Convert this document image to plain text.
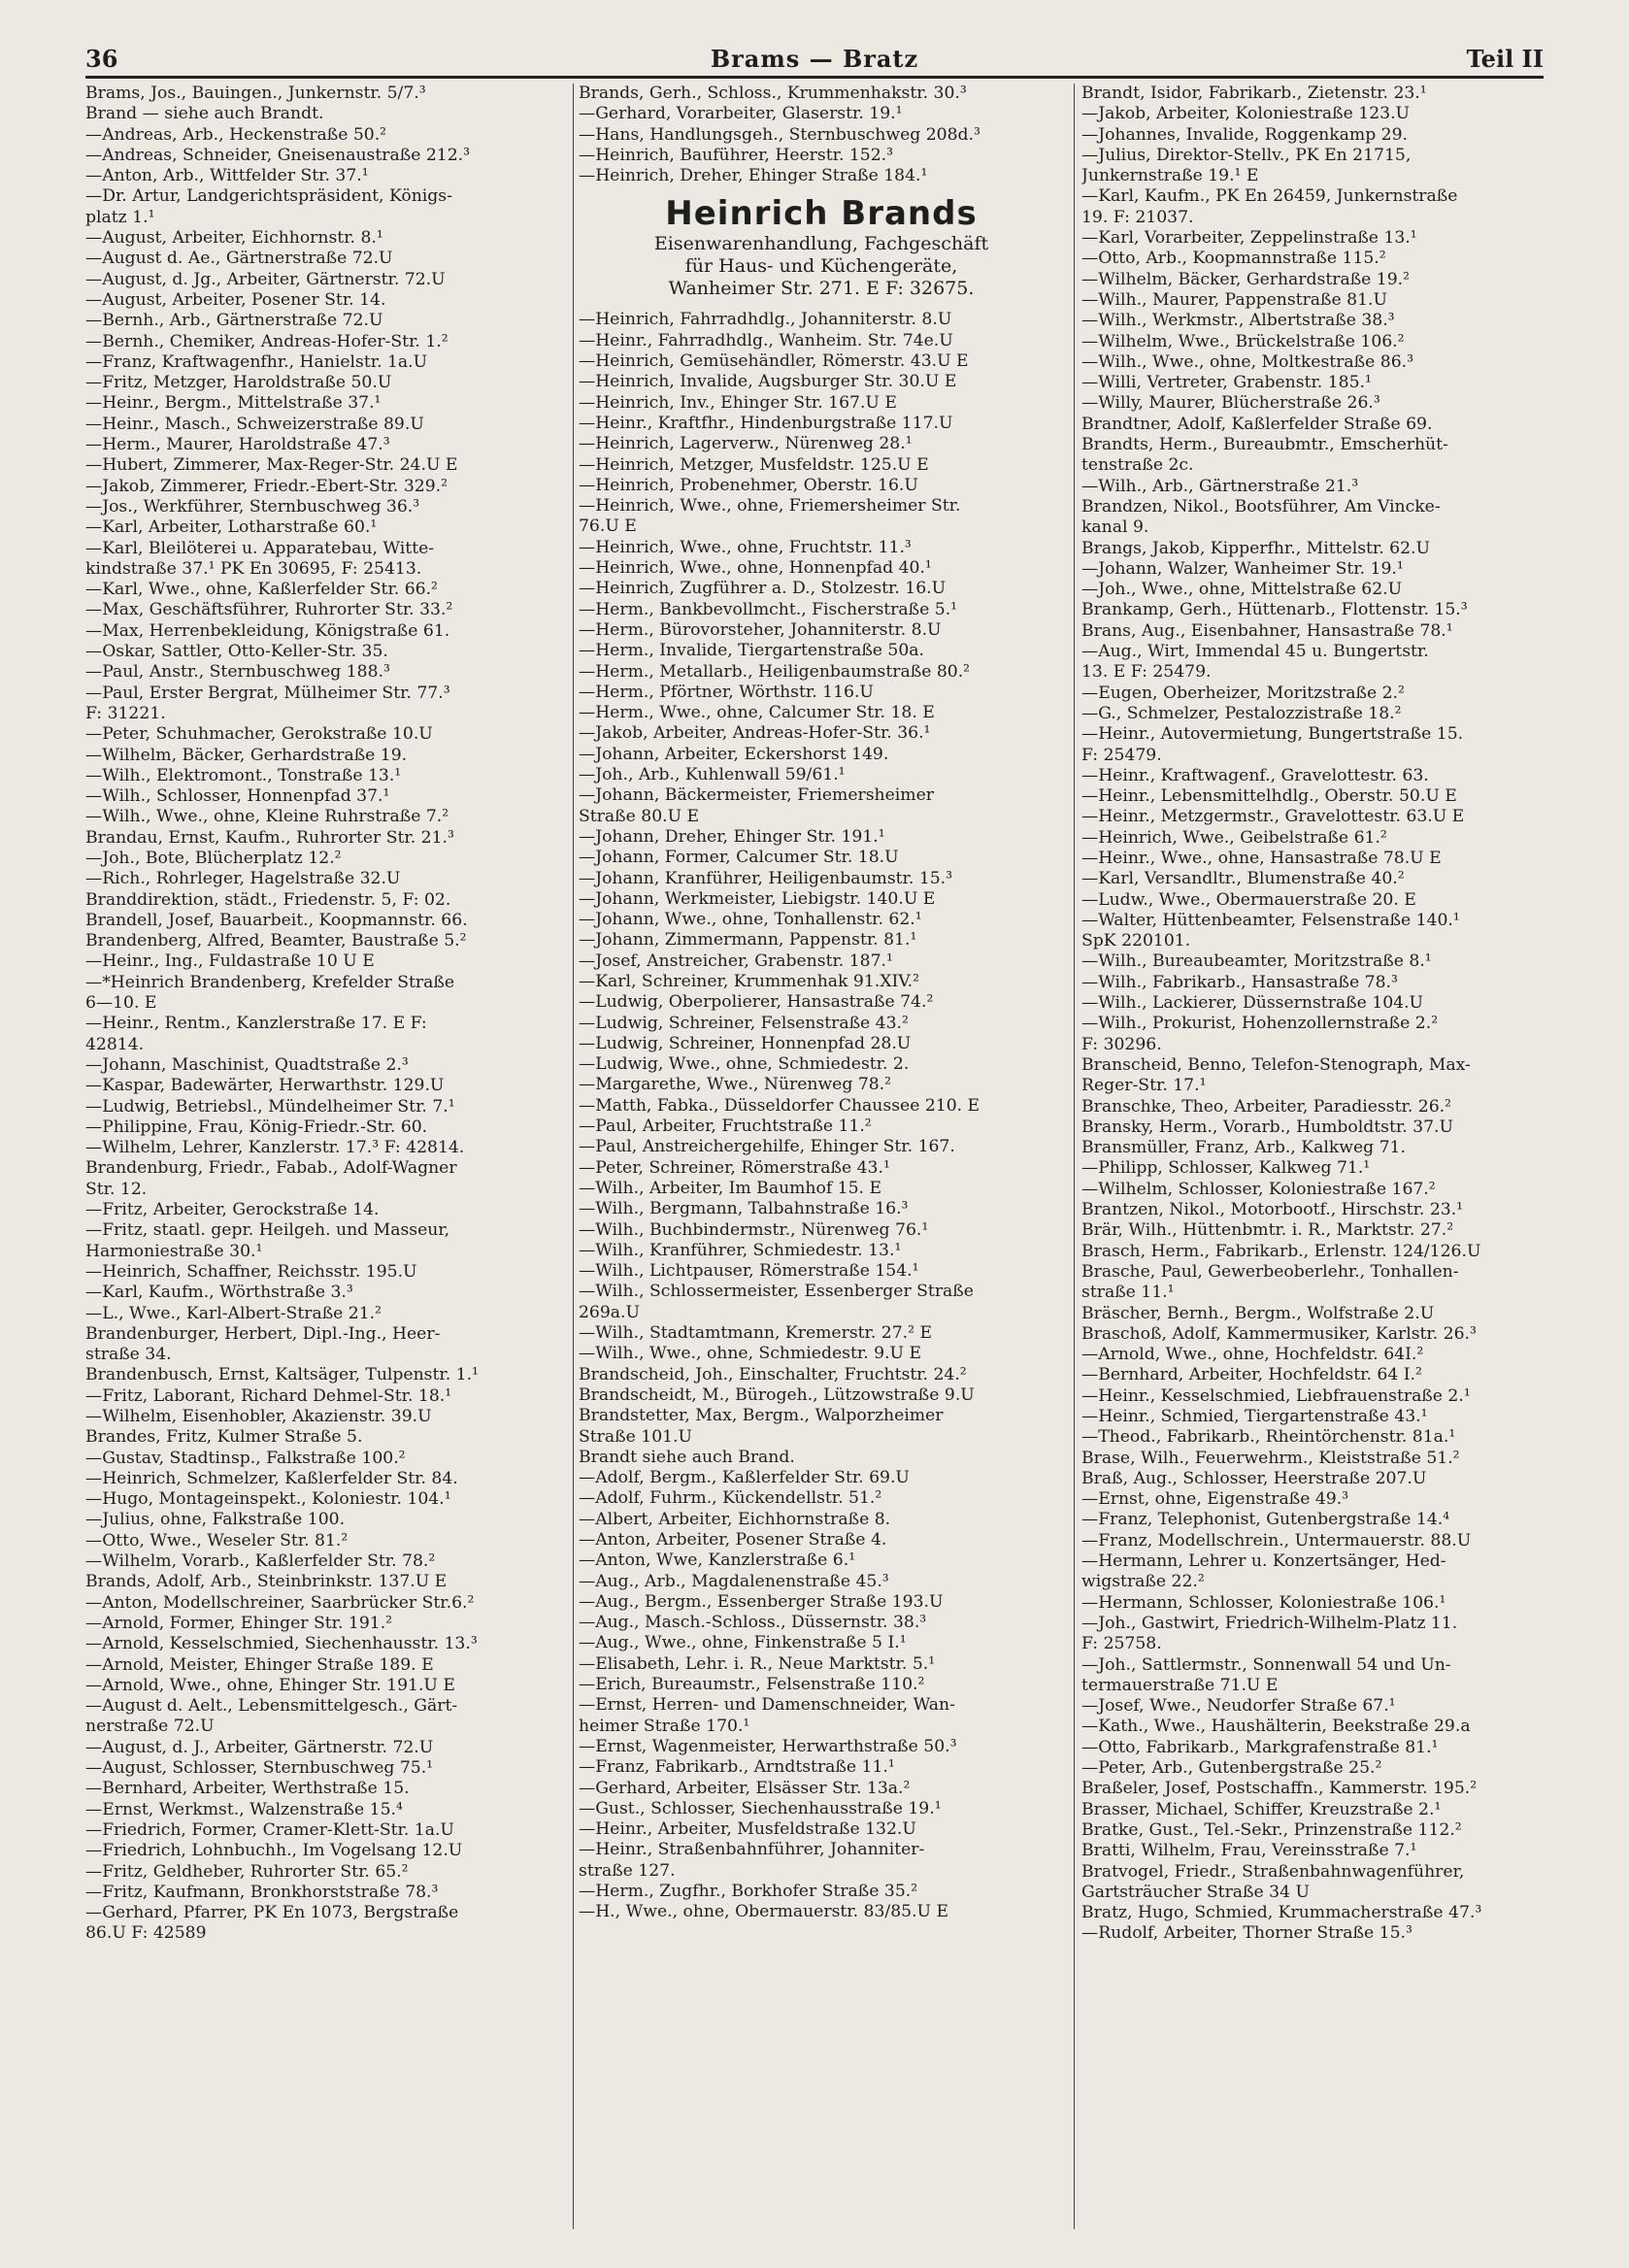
36	Brams — Bratz	Teil II
Brams, Jos., Bauingen., Junkernstr. 5/7.³
Brand — siehe auch Brandt.
—Andreas, Arb., Heckenstraße 50.²
—Andreas, Schneider, Gneisenaustraße 212.³
—Anton, Arb., Wittfelder Str. 37.¹
—Dr. Artur, Landgerichtspräsident, Königs-
platz 1.¹
—August, Arbeiter, Eichhornstr. 8.¹
—August d. Ae., Gärtnerstraße 72.U
—August, d. Jg., Arbeiter, Gärtnerstr. 72.U
—August, Arbeiter, Posener Str. 14.
—Bernh., Arb., Gärtnerstraße 72.U
—Bernh., Chemiker, Andreas-Hofer-Str. 1.²
—Franz, Kraftwagenfhr., Hanielstr. 1a.U
—Fritz, Metzger, Haroldstraße 50.U
—Heinr., Bergm., Mittelstraße 37.¹
—Heinr., Masch., Schweizerstraße 89.U
—Herm., Maurer, Haroldstraße 47.³
—Hubert, Zimmerer, Max-Reger-Str. 24.U E
—Jakob, Zimmerer, Friedr.-Ebert-Str. 329.²
—Jos., Werkführer, Sternbuschweg 36.³
—Karl, Arbeiter, Lotharstraße 60.¹
—Karl, Bleilöterei u. Apparatebau, Witte-
kindstraße 37.¹ PK En 30695, F: 25413.
—Karl, Wwe., ohne, Kaßlerfelder Str. 66.²
—Max, Geschäftsführer, Ruhrorter Str. 33.²
—Max, Herrenbekleidung, Königstraße 61.
—Oskar, Sattler, Otto-Keller-Str. 35.
—Paul, Anstr., Sternbuschweg 188.³
—Paul, Erster Bergrat, Mülheimer Str. 77.³
F: 31221.
—Peter, Schuhmacher, Gerokstraße 10.U
—Wilhelm, Bäcker, Gerhardstraße 19.
—Wilh., Elektromont., Tonstraße 13.¹
—Wilh., Schlosser, Honnenpfad 37.¹
—Wilh., Wwe., ohne, Kleine Ruhrstraße 7.²
Brandau, Ernst, Kaufm., Ruhrorter Str. 21.³
—Joh., Bote, Blücherplatz 12.²
—Rich., Rohrleger, Hagelstraße 32.U
Branddirektion, städt., Friedenstr. 5, F: 02.
Brandell, Josef, Bauarbeit., Koopmannstr. 66.
Brandenberg, Alfred, Beamter, Baustraße 5.²
—Heinr., Ing., Fuldastraße 10 U E
—*Heinrich Brandenberg, Krefelder Straße
6—10. E
—Heinr., Rentm., Kanzlerstraße 17. E F:
42814.
—Johann, Maschinist, Quadtstraße 2.³
—Kaspar, Badewärter, Herwarthstr. 129.U
—Ludwig, Betriebsl., Mündelheimer Str. 7.¹
—Philippine, Frau, König-Friedr.-Str. 60.
—Wilhelm, Lehrer, Kanzlerstr. 17.³ F: 42814.
Brandenburg, Friedr., Fabab., Adolf-Wagner
Str. 12.
—Fritz, Arbeiter, Gerockstraße 14.
—Fritz, staatl. gepr. Heilgeh. und Masseur,
Harmoniestraße 30.¹
—Heinrich, Schaffner, Reichsstr. 195.U
—Karl, Kaufm., Wörthstraße 3.³
—L., Wwe., Karl-Albert-Straße 21.²
Brandenburger, Herbert, Dipl.-Ing., Heer-
straße 34.
Brandenbusch, Ernst, Kaltsäger, Tulpenstr. 1.¹
—Fritz, Laborant, Richard Dehmel-Str. 18.¹
—Wilhelm, Eisenhobler, Akazienstr. 39.U
Brandes, Fritz, Kulmer Straße 5.
—Gustav, Stadtinsp., Falkstraße 100.²
—Heinrich, Schmelzer, Kaßlerfelder Str. 84.
—Hugo, Montageinspekt., Koloniestr. 104.¹
—Julius, ohne, Falkstraße 100.
—Otto, Wwe., Weseler Str. 81.²
—Wilhelm, Vorarb., Kaßlerfelder Str. 78.²
Brands, Adolf, Arb., Steinbrinkstr. 137.U E
—Anton, Modellschreiner, Saarbrücker Str.6.²
—Arnold, Former, Ehinger Str. 191.²
—Arnold, Kesselschmied, Siechenhausstr. 13.³
—Arnold, Meister, Ehinger Straße 189. E
—Arnold, Wwe., ohne, Ehinger Str. 191.U E
—August d. Aelt., Lebensmittelgesch., Gärt-
nerstraße 72.U
—August, d. J., Arbeiter, Gärtnerstr. 72.U
—August, Schlosser, Sternbuschweg 75.¹
—Bernhard, Arbeiter, Werthstraße 15.
—Ernst, Werkmst., Walzenstraße 15.⁴
—Friedrich, Former, Cramer-Klett-Str. 1a.U
—Friedrich, Lohnbuchh., Im Vogelsang 12.U
—Fritz, Geldheber, Ruhrorter Str. 65.²
—Fritz, Kaufmann, Bronkhorststraße 78.³
—Gerhard, Pfarrer, PK En 1073, Bergstraße
86.U F: 42589
Brands, Gerh., Schloss., Krummenhakstr. 30.³
—Gerhard, Vorarbeiter, Glaserstr. 19.¹
—Hans, Handlungsgeh., Sternbuschweg 208d.³
—Heinrich, Bauführer, Heerstr. 152.³
—Heinrich, Dreher, Ehinger Straße 184.¹
Heinrich Brands
Eisenwarenhandlung, Fachgeschäft
für Haus- und Küchengeräte,
Wanheimer Str. 271. E F: 32675.
—Heinrich, Fahrradhdlg., Johanniterstr. 8.U
—Heinr., Fahrradhdlg., Wanheim. Str. 74e.U
—Heinrich, Gemüsehändler, Römerstr. 43.U E
—Heinrich, Invalide, Augsburger Str. 30.U E
—Heinrich, Inv., Ehinger Str. 167.U E
—Heinr., Kraftfhr., Hindenburgstraße 117.U
—Heinrich, Lagerverw., Nürenweg 28.¹
—Heinrich, Metzger, Musfeldstr. 125.U E
—Heinrich, Probenehmer, Oberstr. 16.U
—Heinrich, Wwe., ohne, Friemersheimer Str.
76.U E
—Heinrich, Wwe., ohne, Fruchtstr. 11.³
—Heinrich, Wwe., ohne, Honnenpfad 40.¹
—Heinrich, Zugführer a. D., Stolzestr. 16.U
—Herm., Bankbevollmcht., Fischerstraße 5.¹
—Herm., Bürovorsteher, Johanniterstr. 8.U
—Herm., Invalide, Tiergartenstraße 50a.
—Herm., Metallarb., Heiligenbaumstraße 80.²
—Herm., Pförtner, Wörthstr. 116.U
—Herm., Wwe., ohne, Calcumer Str. 18. E
—Jakob, Arbeiter, Andreas-Hofer-Str. 36.¹
—Johann, Arbeiter, Eckershorst 149.
—Joh., Arb., Kuhlenwall 59/61.¹
—Johann, Bäckermeister, Friemersheimer
Straße 80.U E
—Johann, Dreher, Ehinger Str. 191.¹
—Johann, Former, Calcumer Str. 18.U
—Johann, Kranführer, Heiligenbaumstr. 15.³
—Johann, Werkmeister, Liebigstr. 140.U E
—Johann, Wwe., ohne, Tonhallenstr. 62.¹
—Johann, Zimmermann, Pappenstr. 81.¹
—Josef, Anstreicher, Grabenstr. 187.¹
—Karl, Schreiner, Krummenhak 91.XIV.²
—Ludwig, Oberpolierer, Hansastraße 74.²
—Ludwig, Schreiner, Felsenstraße 43.²
—Ludwig, Schreiner, Honnenpfad 28.U
—Ludwig, Wwe., ohne, Schmiedestr. 2.
—Margarethe, Wwe., Nürenweg 78.²
—Matth, Fabka., Düsseldorfer Chaussee 210. E
—Paul, Arbeiter, Fruchtstraße 11.²
—Paul, Anstreichergehilfe, Ehinger Str. 167.
—Peter, Schreiner, Römerstraße 43.¹
—Wilh., Arbeiter, Im Baumhof 15. E
—Wilh., Bergmann, Talbahnstraße 16.³
—Wilh., Buchbindermstr., Nürenweg 76.¹
—Wilh., Kranführer, Schmiedestr. 13.¹
—Wilh., Lichtpauser, Römerstraße 154.¹
—Wilh., Schlossermeister, Essenberger Straße
269a.U
—Wilh., Stadtamtmann, Kremerstr. 27.² E
—Wilh., Wwe., ohne, Schmiedestr. 9.U E
Brandscheid, Joh., Einschalter, Fruchtstr. 24.²
Brandscheidt, M., Bürogeh., Lützowstraße 9.U
Brandstetter, Max, Bergm., Walporzheimer
Straße 101.U
Brandt siehe auch Brand.
—Adolf, Bergm., Kaßlerfelder Str. 69.U
—Adolf, Fuhrm., Kückendellstr. 51.²
—Albert, Arbeiter, Eichhornstraße 8.
—Anton, Arbeiter, Posener Straße 4.
—Anton, Wwe, Kanzlerstraße 6.¹
—Aug., Arb., Magdalenenstraße 45.³
—Aug., Bergm., Essenberger Straße 193.U
—Aug., Masch.-Schloss., Düssernstr. 38.³
—Aug., Wwe., ohne, Finkenstraße 5 I.¹
—Elisabeth, Lehr. i. R., Neue Marktstr. 5.¹
—Erich, Bureaumstr., Felsenstraße 110.²
—Ernst, Herren- und Damenschneider, Wan-
heimer Straße 170.¹
—Ernst, Wagenmeister, Herwarthstraße 50.³
—Franz, Fabrikarb., Arndtstraße 11.¹
—Gerhard, Arbeiter, Elsässer Str. 13a.²
—Gust., Schlosser, Siechenhausstraße 19.¹
—Heinr., Arbeiter, Musfeldstraße 132.U
—Heinr., Straßenbahnführer, Johanniter-
straße 127.
—Herm., Zugfhr., Borkhofer Straße 35.²
—H., Wwe., ohne, Obermauerstr. 83/85.U E
Brandt, Isidor, Fabrikarb., Zietenstr. 23.¹
—Jakob, Arbeiter, Koloniestraße 123.U
—Johannes, Invalide, Roggenkamp 29.
—Julius, Direktor-Stellv., PK En 21715,
Junkernstraße 19.¹ E
—Karl, Kaufm., PK En 26459, Junkernstraße
19. F: 21037.
—Karl, Vorarbeiter, Zeppelinstraße 13.¹
—Otto, Arb., Koopmannstraße 115.²
—Wilhelm, Bäcker, Gerhardstraße 19.²
—Wilh., Maurer, Pappenstraße 81.U
—Wilh., Werkmstr., Albertstraße 38.³
—Wilhelm, Wwe., Brückelstraße 106.²
—Wilh., Wwe., ohne, Moltkestraße 86.³
—Willi, Vertreter, Grabenstr. 185.¹
—Willy, Maurer, Blücherstraße 26.³
Brandtner, Adolf, Kaßlerfelder Straße 69.
Brandts, Herm., Bureaubmtr., Emscherhüt-
tenstraße 2c.
—Wilh., Arb., Gärtnerstraße 21.³
Brandzen, Nikol., Bootsführer, Am Vincke-
kanal 9.
Brangs, Jakob, Kipperfhr., Mittelstr. 62.U
—Johann, Walzer, Wanheimer Str. 19.¹
—Joh., Wwe., ohne, Mittelstraße 62.U
Brankamp, Gerh., Hüttenarb., Flottenstr. 15.³
Brans, Aug., Eisenbahner, Hansastraße 78.¹
—Aug., Wirt, Immendal 45 u. Bungertstr.
13. E F: 25479.
—Eugen, Oberheizer, Moritzstraße 2.²
—G., Schmelzer, Pestalozzistraße 18.²
—Heinr., Autovermietung, Bungertstraße 15.
F: 25479.
—Heinr., Kraftwagenf., Gravelottestr. 63.
—Heinr., Lebensmittelhdlg., Oberstr. 50.U E
—Heinr., Metzgermstr., Gravelottestr. 63.U E
—Heinrich, Wwe., Geibelstraße 61.²
—Heinr., Wwe., ohne, Hansastraße 78.U E
—Karl, Versandltr., Blumenstraße 40.²
—Ludw., Wwe., Obermauerstraße 20. E
—Walter, Hüttenbeamter, Felsenstraße 140.¹
SpK 220101.
—Wilh., Bureaubeamter, Moritzstraße 8.¹
—Wilh., Fabrikarb., Hansastraße 78.³
—Wilh., Lackierer, Düssernstraße 104.U
—Wilh., Prokurist, Hohenzollernstraße 2.²
F: 30296.
Branscheid, Benno, Telefon-Stenograph, Max-
Reger-Str. 17.¹
Branschke, Theo, Arbeiter, Paradiesstr. 26.²
Bransky, Herm., Vorarb., Humboldtstr. 37.U
Bransmüller, Franz, Arb., Kalkweg 71.
—Philipp, Schlosser, Kalkweg 71.¹
—Wilhelm, Schlosser, Koloniestraße 167.²
Brantzen, Nikol., Motorbootf., Hirschstr. 23.¹
Brär, Wilh., Hüttenbmtr. i. R., Marktstr. 27.²
Brasch, Herm., Fabrikarb., Erlenstr. 124/126.U
Brasche, Paul, Gewerbeoberlehr., Tonhallen-
straße 11.¹
Bräscher, Bernh., Bergm., Wolfstraße 2.U
Braschoß, Adolf, Kammermusiker, Karlstr. 26.³
—Arnold, Wwe., ohne, Hochfeldstr. 64I.²
—Bernhard, Arbeiter, Hochfeldstr. 64 I.²
—Heinr., Kesselschmied, Liebfrauenstraße 2.¹
—Heinr., Schmied, Tiergartenstraße 43.¹
—Theod., Fabrikarb., Rheintörchenstr. 81a.¹
Brase, Wilh., Feuerwehrm., Kleiststraße 51.²
Braß, Aug., Schlosser, Heerstraße 207.U
—Ernst, ohne, Eigenstraße 49.³
—Franz, Telephonist, Gutenbergstraße 14.⁴
—Franz, Modellschrein., Untermauerstr. 88.U
—Hermann, Lehrer u. Konzertsänger, Hed-
wigstraße 22.²
—Hermann, Schlosser, Koloniestraße 106.¹
—Joh., Gastwirt, Friedrich-Wilhelm-Platz 11.
F: 25758.
—Joh., Sattlermstr., Sonnenwall 54 und Un-
termauerstraße 71.U E
—Josef, Wwe., Neudorfer Straße 67.¹
—Kath., Wwe., Haushälterin, Beekstraße 29.a
—Otto, Fabrikarb., Markgrafenstraße 81.¹
—Peter, Arb., Gutenbergstraße 25.²
Braßeler, Josef, Postschaffn., Kammerstr. 195.²
Brasser, Michael, Schiffer, Kreuzstraße 2.¹
Bratke, Gust., Tel.-Sekr., Prinzenstraße 112.²
Bratti, Wilhelm, Frau, Vereinsstraße 7.¹
Bratvogel, Friedr., Straßenbahnwagenführer,
Gartsträucher Straße 34 U
Bratz, Hugo, Schmied, Krummacherstraße 47.³
—Rudolf, Arbeiter, Thorner Straße 15.³
